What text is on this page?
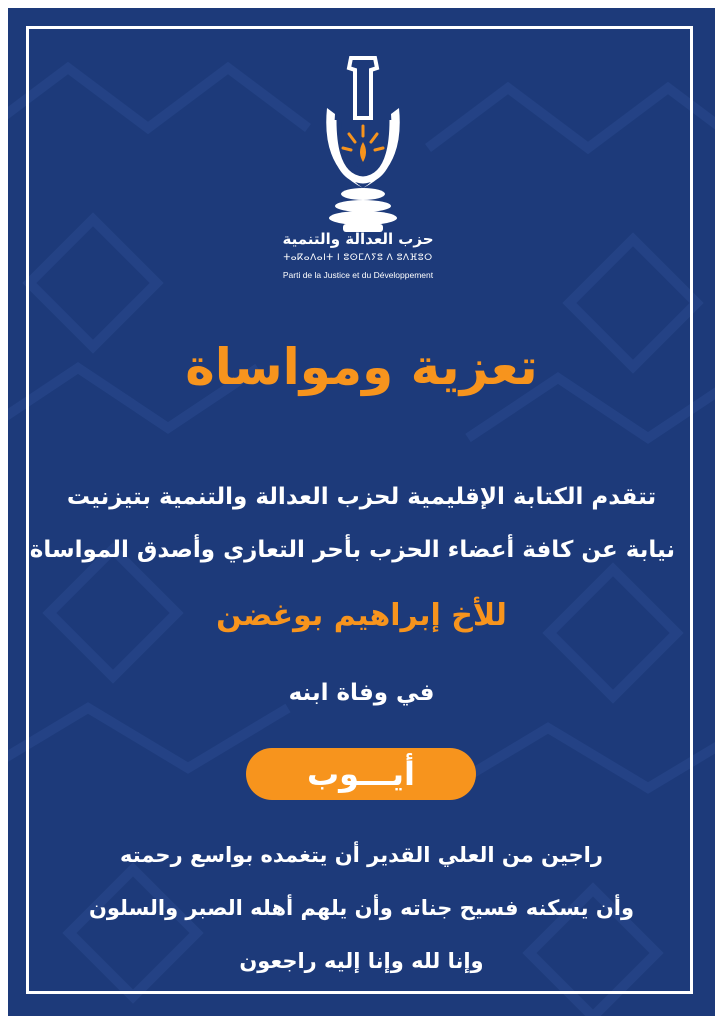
حزب العدالة والتنمية
ⵜⴰⴽⴰⴷⴰⵏⵜ ⵏ ⵓⵙⵎⴷⵢⵓ ⴷ ⵓⴷⴼⵓⵔ
Parti de la Justice et du Développement
تعزية ومواساة
تتقدم الكتابة الإقليمية لحزب العدالة والتنمية بتيزنيت
نيابة عن كافة أعضاء الحزب بأحر التعازي وأصدق المواساة
للأخ إبراهيم بوغضن
في وفاة ابنه
أيـــوب
راجين من العلي القدير أن يتغمده بواسع رحمته
وأن يسكنه فسيح جناته وأن يلهم أهله الصبر والسلون
وإنا لله وإنا إليه راجعون
